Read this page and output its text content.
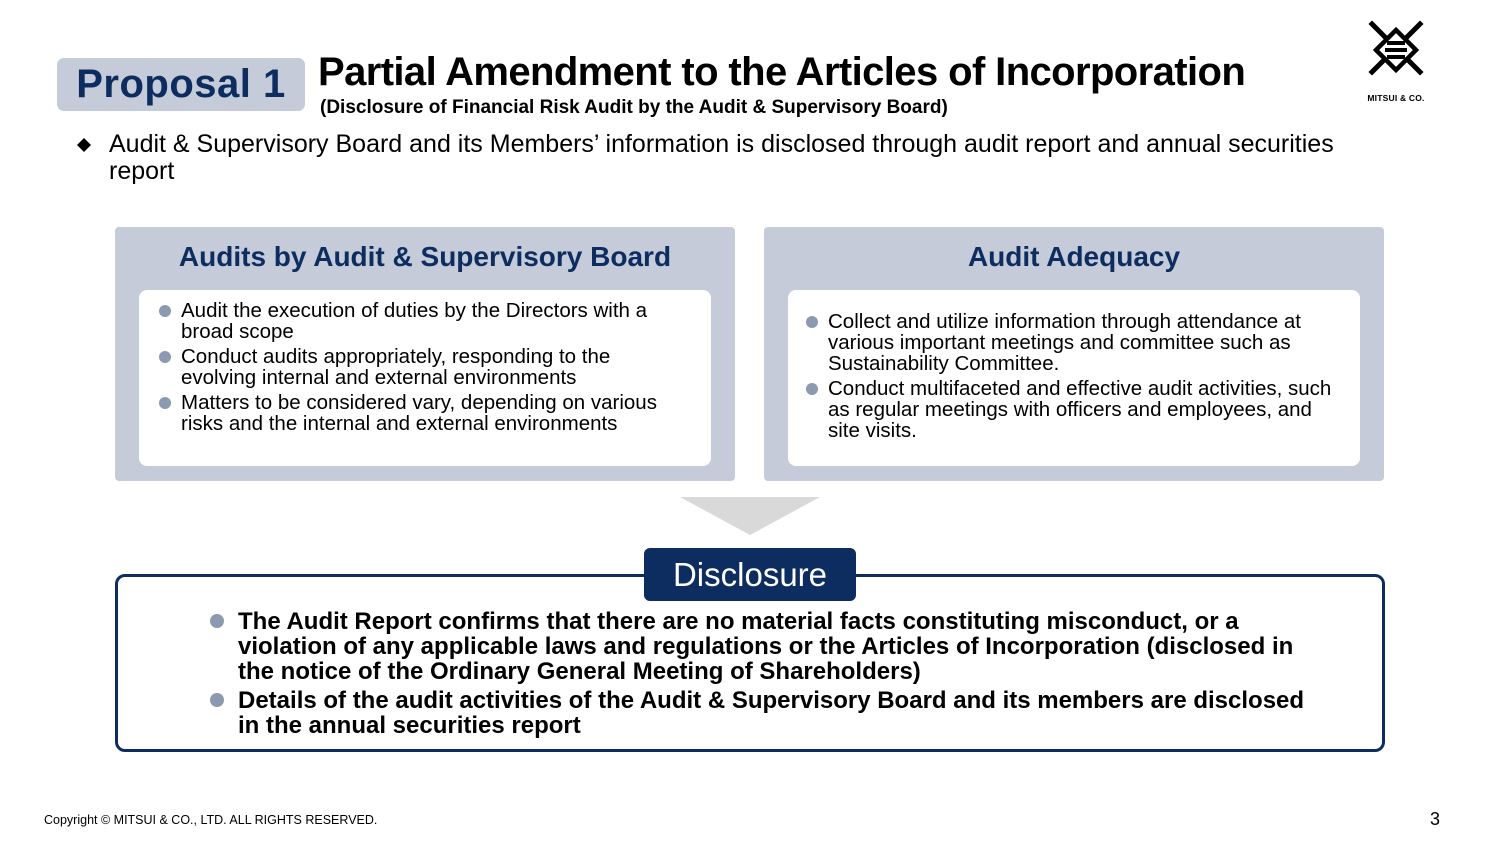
Proposal 1 Partial Amendment to the Articles of Incorporation
(Disclosure of Financial Risk Audit by the Audit & Supervisory Board)	MITSUI & CO.
Audit & Supervisory Board and its Members’ information is disclosed through audit report and annual securities report
Audits by Audit & Supervisory Board
Audit the execution of duties by the Directors with a broad scope
Conduct audits appropriately, responding to the evolving internal and external environments
Matters to be considered vary, depending on various risks and the internal and external environments
Audit Adequacy
Collect and utilize information through attendance at various important meetings and committee such as Sustainability Committee.
Conduct multifaceted and effective audit activities, such as regular meetings with officers and employees, and site visits.
Disclosure
The Audit Report confirms that there are no material facts constituting misconduct, or a violation of any applicable laws and regulations or the Articles of Incorporation (disclosed in the notice of the Ordinary General Meeting of Shareholders)
Details of the audit activities of the Audit & Supervisory Board and its members are disclosed in the annual securities report
Copyright © MITSUI & CO., LTD. ALL RIGHTS RESERVED.	3
